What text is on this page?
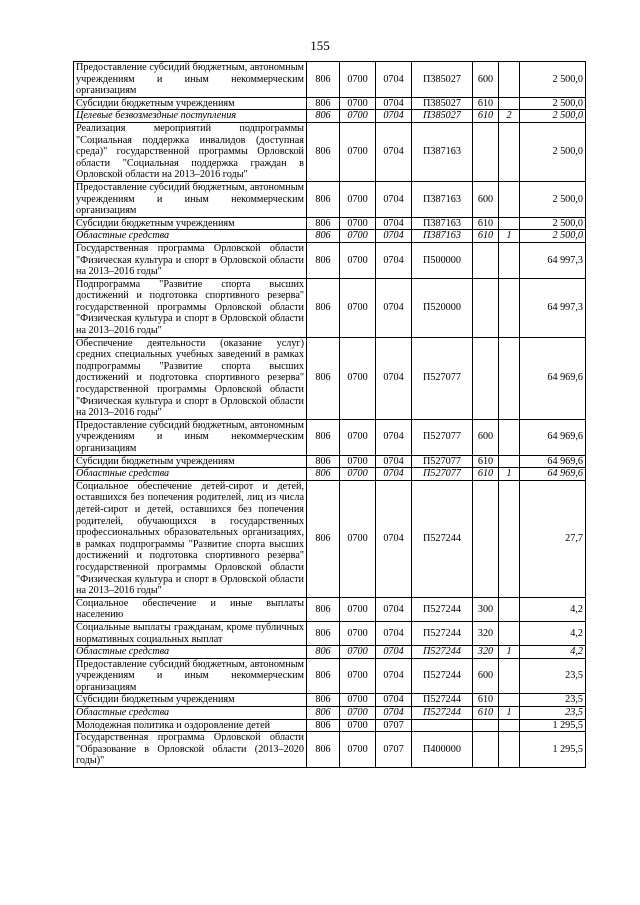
155
Предоставление субсидий бюджетным, автономным учреждениям и иным некоммерческим организациям	806	0700	0704	П385027	600		2 500,0
Субсидии бюджетным учреждениям	806	0700	0704	П385027	610		2 500,0
Целевые безвозмездные поступления	806	0700	0704	П385027	610	2	2 500,0
Реализация мероприятий подпрограммы "Социальная поддержка инвалидов (доступная среда)" государственной программы Орловской области "Социальная поддержка граждан в Орловской области на 2013–2016 годы"	806	0700	0704	П387163			2 500,0
Предоставление субсидий бюджетным, автономным учреждениям и иным некоммерческим организациям	806	0700	0704	П387163	600		2 500,0
Субсидии бюджетным учреждениям	806	0700	0704	П387163	610		2 500,0
Областные средства	806	0700	0704	П387163	610	1	2 500,0
Государственная программа Орловской области "Физическая культура и спорт в Орловской области на 2013–2016 годы"	806	0700	0704	П500000			64 997,3
Подпрограмма "Развитие спорта высших достижений и подготовка спортивного резерва" государственной программы Орловской области "Физическая культура и спорт в Орловской области на 2013–2016 годы"	806	0700	0704	П520000			64 997,3
Обеспечение деятельности (оказание услуг) средних специальных учебных заведений в рамках подпрограммы "Развитие спорта высших достижений и подготовка спортивного резерва" государственной программы Орловской области "Физическая культура и спорт в Орловской области на 2013–2016 годы"	806	0700	0704	П527077			64 969,6
Предоставление субсидий бюджетным, автономным учреждениям и иным некоммерческим организациям	806	0700	0704	П527077	600		64 969,6
Субсидии бюджетным учреждениям	806	0700	0704	П527077	610		64 969,6
Областные средства	806	0700	0704	П527077	610	1	64 969,6
Социальное обеспечение детей-сирот и детей, оставшихся без попечения родителей, лиц из числа детей-сирот и детей, оставшихся без попечения родителей, обучающихся в государственных профессиональных образовательных организациях, в рамках подпрограммы "Развитие спорта высших достижений и подготовка спортивного резерва" государственной программы Орловской области "Физическая культура и спорт в Орловской области на 2013–2016 годы"	806	0700	0704	П527244			27,7
Социальное обеспечение и иные выплаты населению	806	0700	0704	П527244	300		4,2
Социальные выплаты гражданам, кроме публичных нормативных социальных выплат	806	0700	0704	П527244	320		4,2
Областные средства	806	0700	0704	П527244	320	1	4,2
Предоставление субсидий бюджетным, автономным учреждениям и иным некоммерческим организациям	806	0700	0704	П527244	600		23,5
Субсидии бюджетным учреждениям	806	0700	0704	П527244	610		23,5
Областные средства	806	0700	0704	П527244	610	1	23,5
Молодежная политика и оздоровление детей	806	0700	0707				1 295,5
Государственная программа Орловской области "Образование в Орловской области (2013–2020 годы)"	806	0700	0707	П400000			1 295,5
